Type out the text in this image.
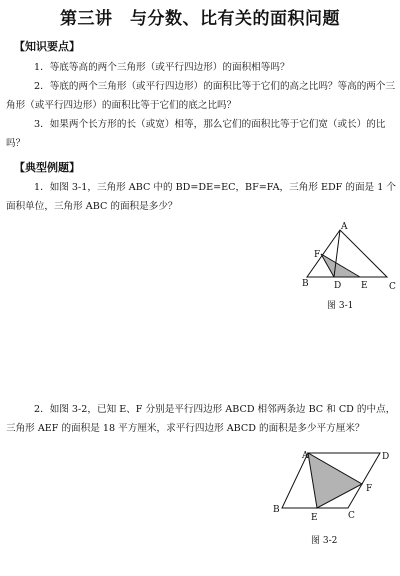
第三讲　与分数、比有关的面积问题
【知识要点】
1．等底等高的两个三角形（或平行四边形）的面积相等吗？
2．等底的两个三角形（或平行四边形）的面积比等于它们的高之比吗？等高的两个三角形（或平行四边形）的面积比等于它们的底之比吗？
3．如果两个长方形的长（或宽）相等，那么它们的面积比等于它们宽（或长）的比吗？
【典型例题】
1．如图 3-1，三角形 ABC 中的 BD=DE=EC，BF=FA，三角形 EDF 的面是 1 个面积单位，三角形 ABC 的面积是多少？
A
B	C
D E
F
图 3-1
2．如图 3-2，已知 E、F 分别是平行四边形 ABCD 相邻两条边 BC 和 CD 的中点，三角形 AEF 的面积是 18 平方厘米，求平行四边形 ABCD 的面积是多少平方厘米？
A
B
C
D
E
F
图 3-2
